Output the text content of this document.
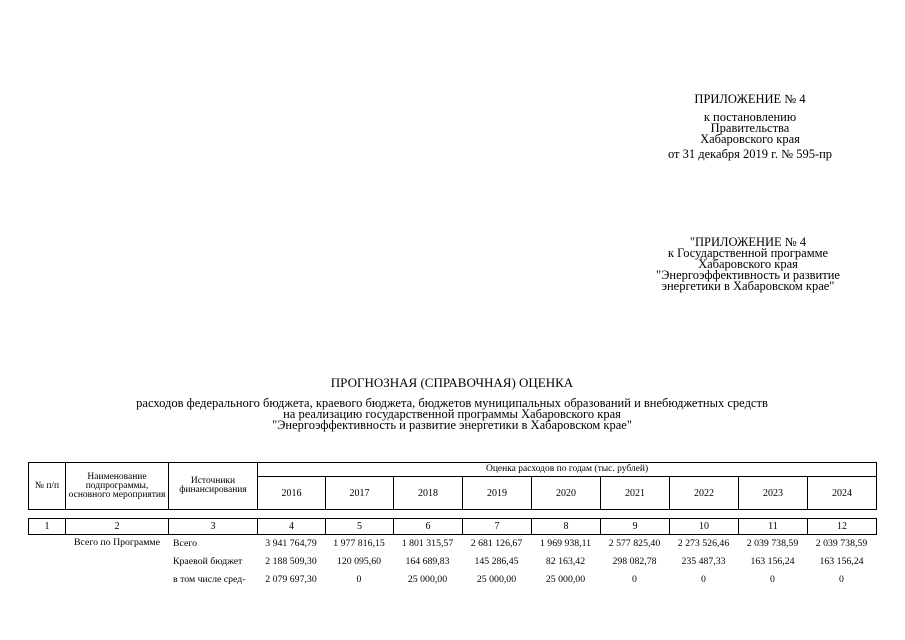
ПРИЛОЖЕНИЕ № 4
к постановлению
Правительства
Хабаровского края
от 31 декабря 2019 г. № 595-пр
"ПРИЛОЖЕНИЕ № 4
к Государственной программе
Хабаровского края
"Энергоэффективность и развитие
энергетики в Хабаровском крае"
ПРОГНОЗНАЯ (СПРАВОЧНАЯ) ОЦЕНКА
расходов федерального бюджета, краевого бюджета, бюджетов муниципальных образований и внебюджетных средств
на реализацию государственной программы Хабаровского края
"Энергоэффективность и развитие энергетики в Хабаровском крае"
№ п/п	Наименование подпрограммы, основного мероприятия	Источники финансирования	Оценка расходов по годам (тыс. рублей)								
			2016	2017	2018	2019	2020	2021	2022	2023	2024

1	2	3	4	5	6	7	8	9	10	11	12
	Всего по Программе	Всего	3 941 764,79	1 977 816,15	1 801 315,57	2 681 126,67	1 969 938,11	2 577 825,40	2 273 526,46	2 039 738,59	2 039 738,59
		Краевой бюджет	2 188 509,30	120 095,60	164 689,83	145 286,45	82 163,42	298 082,78	235 487,33	163 156,24	163 156,24
		в том числе сред-	2 079 697,30	0	25 000,00	25 000,00	25 000,00	0	0	0	0
